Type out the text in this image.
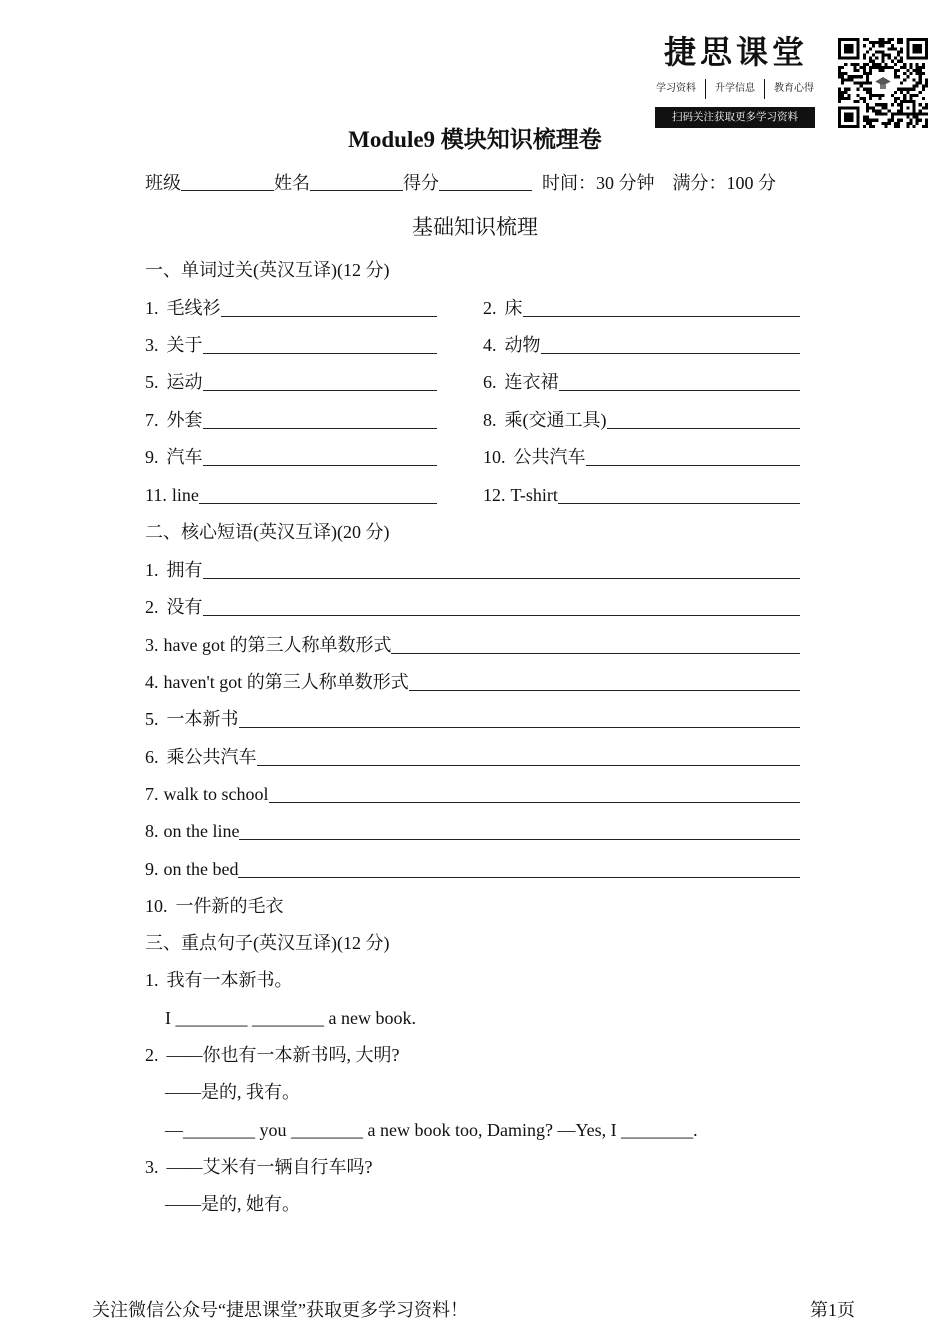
捷思课堂
学习资料 升学信息 教育心得
扫码关注获取更多学习资料
Module9 模块知识梳理卷
班级	姓名	得分	时间：30 分钟 满分：100 分
基础知识梳理
一、单词过关(英汉互译)(12 分)
1. 毛线衫	2. 床
3. 关于	4. 动物
5. 运动	6. 连衣裙
7. 外套	8. 乘(交通工具)
9. 汽车	10. 公共汽车
11. line	12. T-shirt
二、核心短语(英汉互译)(20 分)
1. 拥有
2. 没有
3. have got 的第三人称单数形式
4. haven't got 的第三人称单数形式
5. 一本新书
6. 乘公共汽车
7. walk to school
8. on the line
9. on the bed
10. 一件新的毛衣
三、重点句子(英汉互译)(12 分)
1. 我有一本新书。
I ________ ________ a new book.
2. ——你也有一本新书吗, 大明?
——是的, 我有。
—________ you ________ a new book too, Daming? —Yes, I ________.
3. ——艾米有一辆自行车吗?
——是的, 她有。
关注微信公众号“捷思课堂”获取更多学习资料！	第1页
